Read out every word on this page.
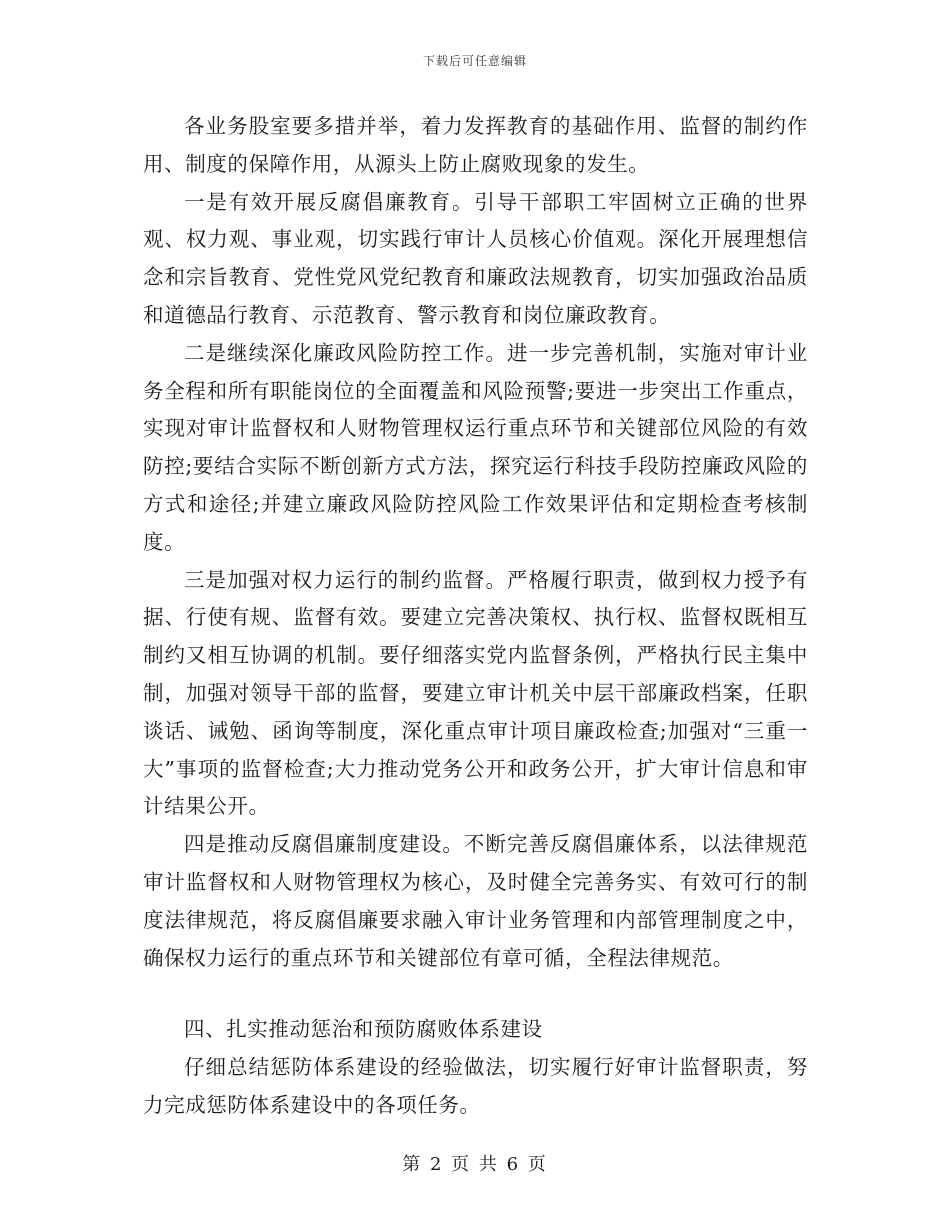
下载后可任意编辑

各业务股室要多措并举，着力发挥教育的基础作用、监督的制约作用、制度的保障作用，从源头上防止腐败现象的发生。

一是有效开展反腐倡廉教育。引导干部职工牢固树立正确的世界观、权力观、事业观，切实践行审计人员核心价值观。深化开展理想信念和宗旨教育、党性党风党纪教育和廉政法规教育，切实加强政治品质和道德品行教育、示范教育、警示教育和岗位廉政教育。

二是继续深化廉政风险防控工作。进一步完善机制，实施对审计业务全程和所有职能岗位的全面覆盖和风险预警;要进一步突出工作重点，实现对审计监督权和人财物管理权运行重点环节和关键部位风险的有效防控;要结合实际不断创新方式方法，探究运行科技手段防控廉政风险的方式和途径;并建立廉政风险防控风险工作效果评估和定期检查考核制度。

三是加强对权力运行的制约监督。严格履行职责，做到权力授予有据、行使有规、监督有效。要建立完善决策权、执行权、监督权既相互制约又相互协调的机制。要仔细落实党内监督条例，严格执行民主集中制，加强对领导干部的监督，要建立审计机关中层干部廉政档案，任职谈话、诫勉、函询等制度，深化重点审计项目廉政检查;加强对“三重一大”事项的监督检查;大力推动党务公开和政务公开，扩大审计信息和审计结果公开。

四是推动反腐倡廉制度建设。不断完善反腐倡廉体系，以法律规范审计监督权和人财物管理权为核心，及时健全完善务实、有效可行的制度法律规范，将反腐倡廉要求融入审计业务管理和内部管理制度之中，确保权力运行的重点环节和关键部位有章可循，全程法律规范。

四、扎实推动惩治和预防腐败体系建设

仔细总结惩防体系建设的经验做法，切实履行好审计监督职责，努力完成惩防体系建设中的各项任务。

第 2 页 共 6 页
